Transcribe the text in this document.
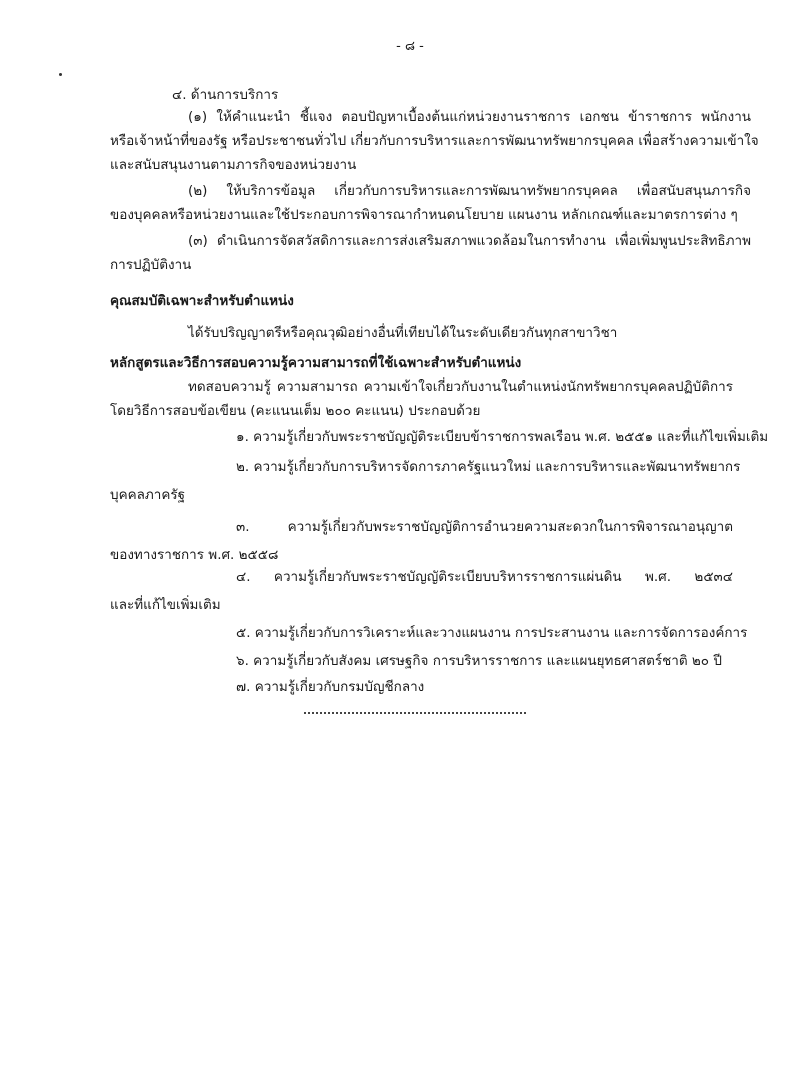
- ๘ -
๔. ด้านการบริการ
(๑) ให้คำแนะนำ ชี้แจง ตอบปัญหาเบื้องต้นแก่หน่วยงานราชการ เอกชน ข้าราชการ พนักงาน
หรือเจ้าหน้าที่ของรัฐ หรือประชาชนทั่วไป เกี่ยวกับการบริหารและการพัฒนาทรัพยากรบุคคล เพื่อสร้างความเข้าใจ
และสนับสนุนงานตามภารกิจของหน่วยงาน
(๒) ให้บริการข้อมูล เกี่ยวกับการบริหารและการพัฒนาทรัพยากรบุคคล เพื่อสนับสนุนภารกิจ
ของบุคคลหรือหน่วยงานและใช้ประกอบการพิจารณากำหนดนโยบาย แผนงาน หลักเกณฑ์และมาตรการต่าง ๆ
(๓) ดำเนินการจัดสวัสดิการและการส่งเสริมสภาพแวดล้อมในการทำงาน เพื่อเพิ่มพูนประสิทธิภาพ
การปฏิบัติงาน
คุณสมบัติเฉพาะสำหรับตำแหน่ง
ได้รับปริญญาตรีหรือคุณวุฒิอย่างอื่นที่เทียบได้ในระดับเดียวกันทุกสาขาวิชา
หลักสูตรและวิธีการสอบความรู้ความสามารถที่ใช้เฉพาะสำหรับตำแหน่ง
ทดสอบความรู้ ความสามารถ ความเข้าใจเกี่ยวกับงานในตำแหน่งนักทรัพยากรบุคคลปฏิบัติการ
โดยวิธีการสอบข้อเขียน (คะแนนเต็ม ๒๐๐ คะแนน) ประกอบด้วย
๑. ความรู้เกี่ยวกับพระราชบัญญัติระเบียบข้าราชการพลเรือน พ.ศ. ๒๕๕๑ และที่แก้ไขเพิ่มเติม
๒. ความรู้เกี่ยวกับการบริหารจัดการภาครัฐแนวใหม่ และการบริหารและพัฒนาทรัพยากร
บุคคลภาครัฐ
๓. ความรู้เกี่ยวกับพระราชบัญญัติการอำนวยความสะดวกในการพิจารณาอนุญาต
ของทางราชการ พ.ศ. ๒๕๕๘
๔. ความรู้เกี่ยวกับพระราชบัญญัติระเบียบบริหารราชการแผ่นดิน พ.ศ. ๒๕๓๔
และที่แก้ไขเพิ่มเติม
๕. ความรู้เกี่ยวกับการวิเคราะห์และวางแผนงาน การประสานงาน และการจัดการองค์การ
๖. ความรู้เกี่ยวกับสังคม เศรษฐกิจ การบริหารราชการ และแผนยุทธศาสตร์ชาติ ๒๐ ปี
๗. ความรู้เกี่ยวกับกรมบัญชีกลาง
